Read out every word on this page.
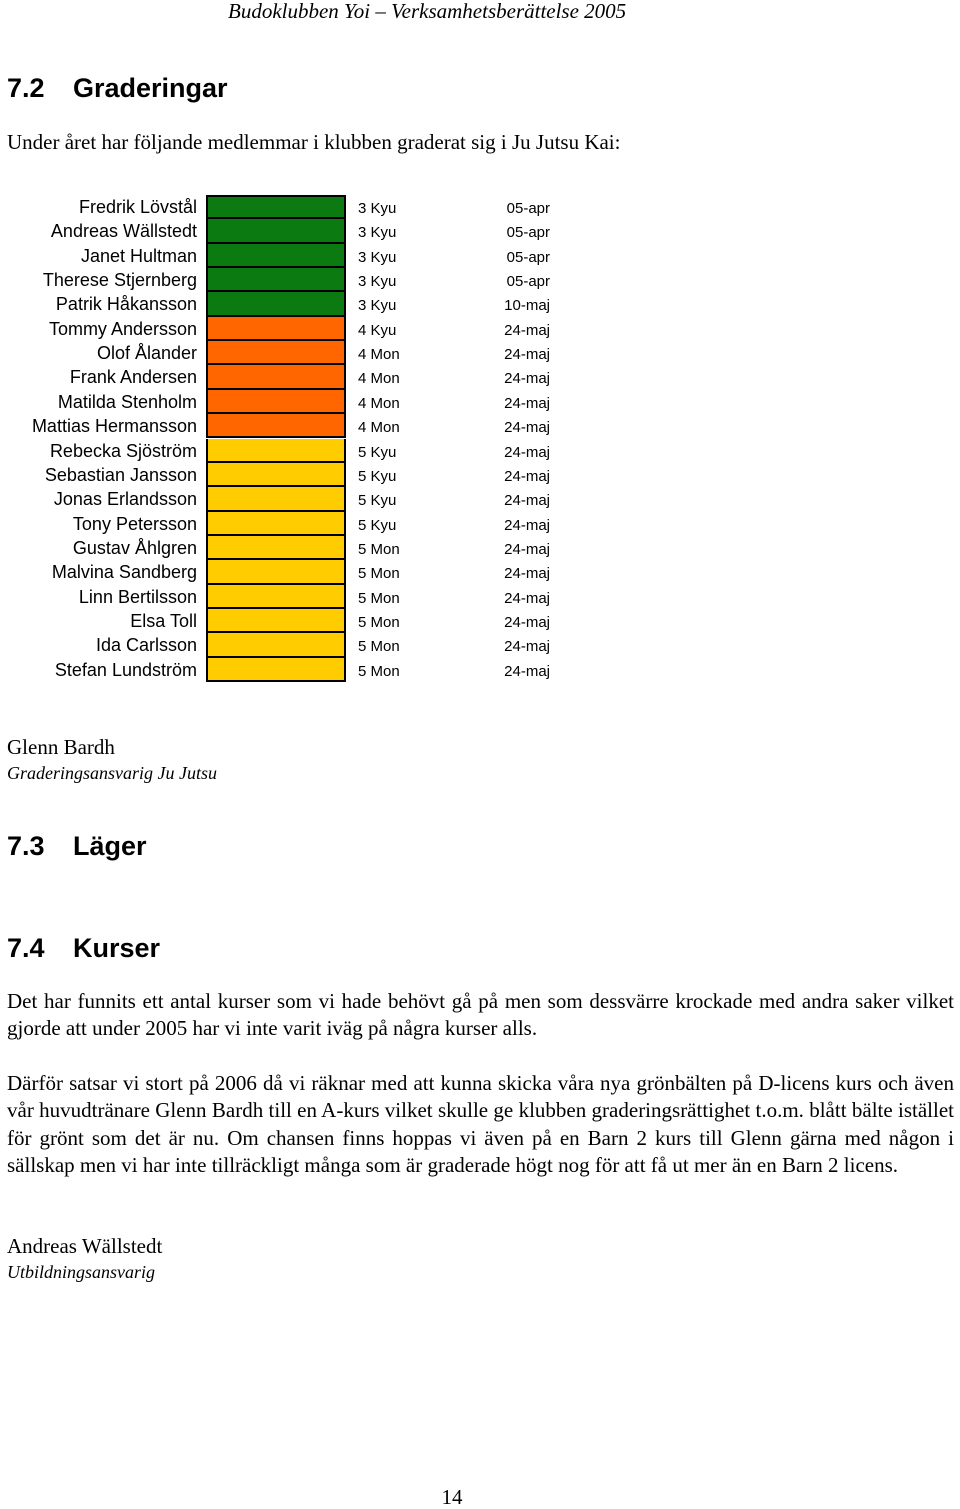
Budoklubben Yoi – Verksamhetsberättelse 2005
7.2 Graderingar
Under året har följande medlemmar i klubben graderat sig i Ju Jutsu Kai:
Fredrik Lövstål	3 Kyu	05-apr
Andreas Wällstedt	3 Kyu	05-apr
Janet Hultman	3 Kyu	05-apr
Therese Stjernberg	3 Kyu	05-apr
Patrik Håkansson	3 Kyu	10-maj
Tommy Andersson	4 Kyu	24-maj
Olof Ålander	4 Mon	24-maj
Frank Andersen	4 Mon	24-maj
Matilda Stenholm	4 Mon	24-maj
Mattias Hermansson	4 Mon	24-maj
Rebecka Sjöström	5 Kyu	24-maj
Sebastian Jansson	5 Kyu	24-maj
Jonas Erlandsson	5 Kyu	24-maj
Tony Petersson	5 Kyu	24-maj
Gustav Åhlgren	5 Mon	24-maj
Malvina Sandberg	5 Mon	24-maj
Linn Bertilsson	5 Mon	24-maj
Elsa Toll	5 Mon	24-maj
Ida Carlsson	5 Mon	24-maj
Stefan Lundström	5 Mon	24-maj
Glenn Bardh
Graderingsansvarig Ju Jutsu
7.3 Läger
7.4 Kurser
Det har funnits ett antal kurser som vi hade behövt gå på men som dessvärre krockade med andra saker vilket gjorde att under 2005 har vi inte varit iväg på några kurser alls.
Därför satsar vi stort på 2006 då vi räknar med att kunna skicka våra nya grönbälten på D-licens kurs och även vår huvudtränare Glenn Bardh till en A-kurs vilket skulle ge klubben graderingsrättighet t.o.m. blått bälte istället för grönt som det är nu. Om chansen finns hoppas vi även på en Barn 2 kurs till Glenn gärna med någon i sällskap men vi har inte tillräckligt många som är graderade högt nog för att få ut mer än en Barn 2 licens.
Andreas Wällstedt
Utbildningsansvarig
14
